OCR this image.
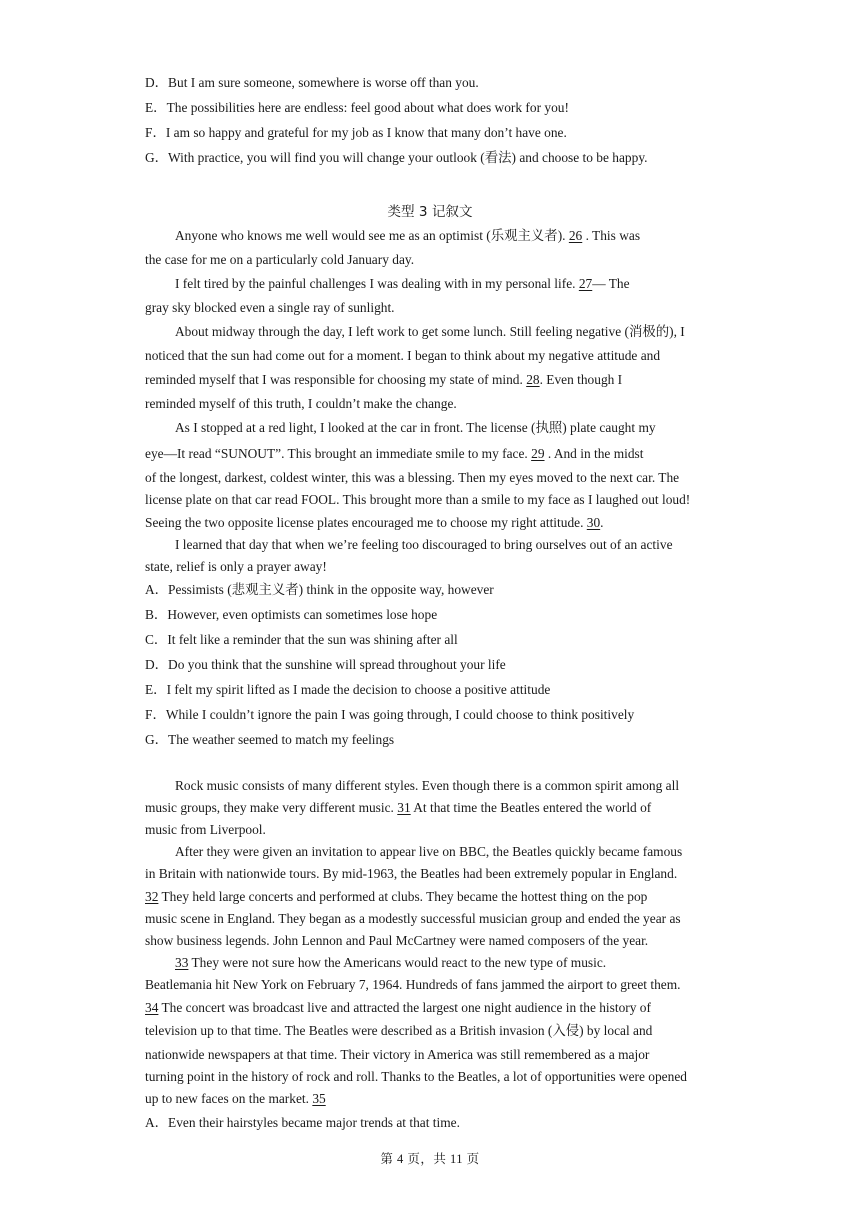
D．But I am sure someone, somewhere is worse off than you.
E．The possibilities here are endless: feel good about what does work for you!
F．I am so happy and grateful for my job as I know that many don’t have one.
G．With practice, you will find you will change your outlook (看法) and choose to be happy.
类型 3 记叙文
Anyone who knows me well would see me as an optimist (乐观主义者). 26 . This was
the case for me on a particularly cold January day.
I felt tired by the painful challenges I was dealing with in my personal life. 27— The
gray sky blocked even a single ray of sunlight.
About midway through the day, I left work to get some lunch. Still feeling negative (消极的), I
noticed that the sun had come out for a moment. I began to think about my negative attitude and
reminded myself that I was responsible for choosing my state of mind. 28. Even though I
reminded myself of this truth, I couldn’t make the change.
As I stopped at a red light, I looked at the car in front. The license (执照) plate caught my
eye—It read “SUNOUT”. This brought an immediate smile to my face. 29 . And in the midst
of the longest, darkest, coldest winter, this was a blessing. Then my eyes moved to the next car. The
license plate on that car read FOOL. This brought more than a smile to my face as I laughed out loud!
Seeing the two opposite license plates encouraged me to choose my right attitude. 30.
I learned that day that when we’re feeling too discouraged to bring ourselves out of an active
state, relief is only a prayer away!
A．Pessimists (悲观主义者) think in the opposite way, however
B．However, even optimists can sometimes lose hope
C．It felt like a reminder that the sun was shining after all
D．Do you think that the sunshine will spread throughout your life
E．I felt my spirit lifted as I made the decision to choose a positive attitude
F．While I couldn’t ignore the pain I was going through, I could choose to think positively
G．The weather seemed to match my feelings
Rock music consists of many different styles. Even though there is a common spirit among all
music groups, they make very different music. 31 At that time the Beatles entered the world of
music from Liverpool.
After they were given an invitation to appear live on BBC, the Beatles quickly became famous
in Britain with nationwide tours. By mid-1963, the Beatles had been extremely popular in England.
32 They held large concerts and performed at clubs. They became the hottest thing on the pop
music scene in England. They began as a modestly successful musician group and ended the year as
show business legends. John Lennon and Paul McCartney were named composers of the year.
33 They were not sure how the Americans would react to the new type of music.
Beatlemania hit New York on February 7, 1964. Hundreds of fans jammed the airport to greet them.
34 The concert was broadcast live and attracted the largest one night audience in the history of
television up to that time. The Beatles were described as a British invasion (入侵) by local and
nationwide newspapers at that time. Their victory in America was still remembered as a major
turning point in the history of rock and roll. Thanks to the Beatles, a lot of opportunities were opened
up to new faces on the market. 35
A．Even their hairstyles became major trends at that time.
第 4 页，共 11 页
